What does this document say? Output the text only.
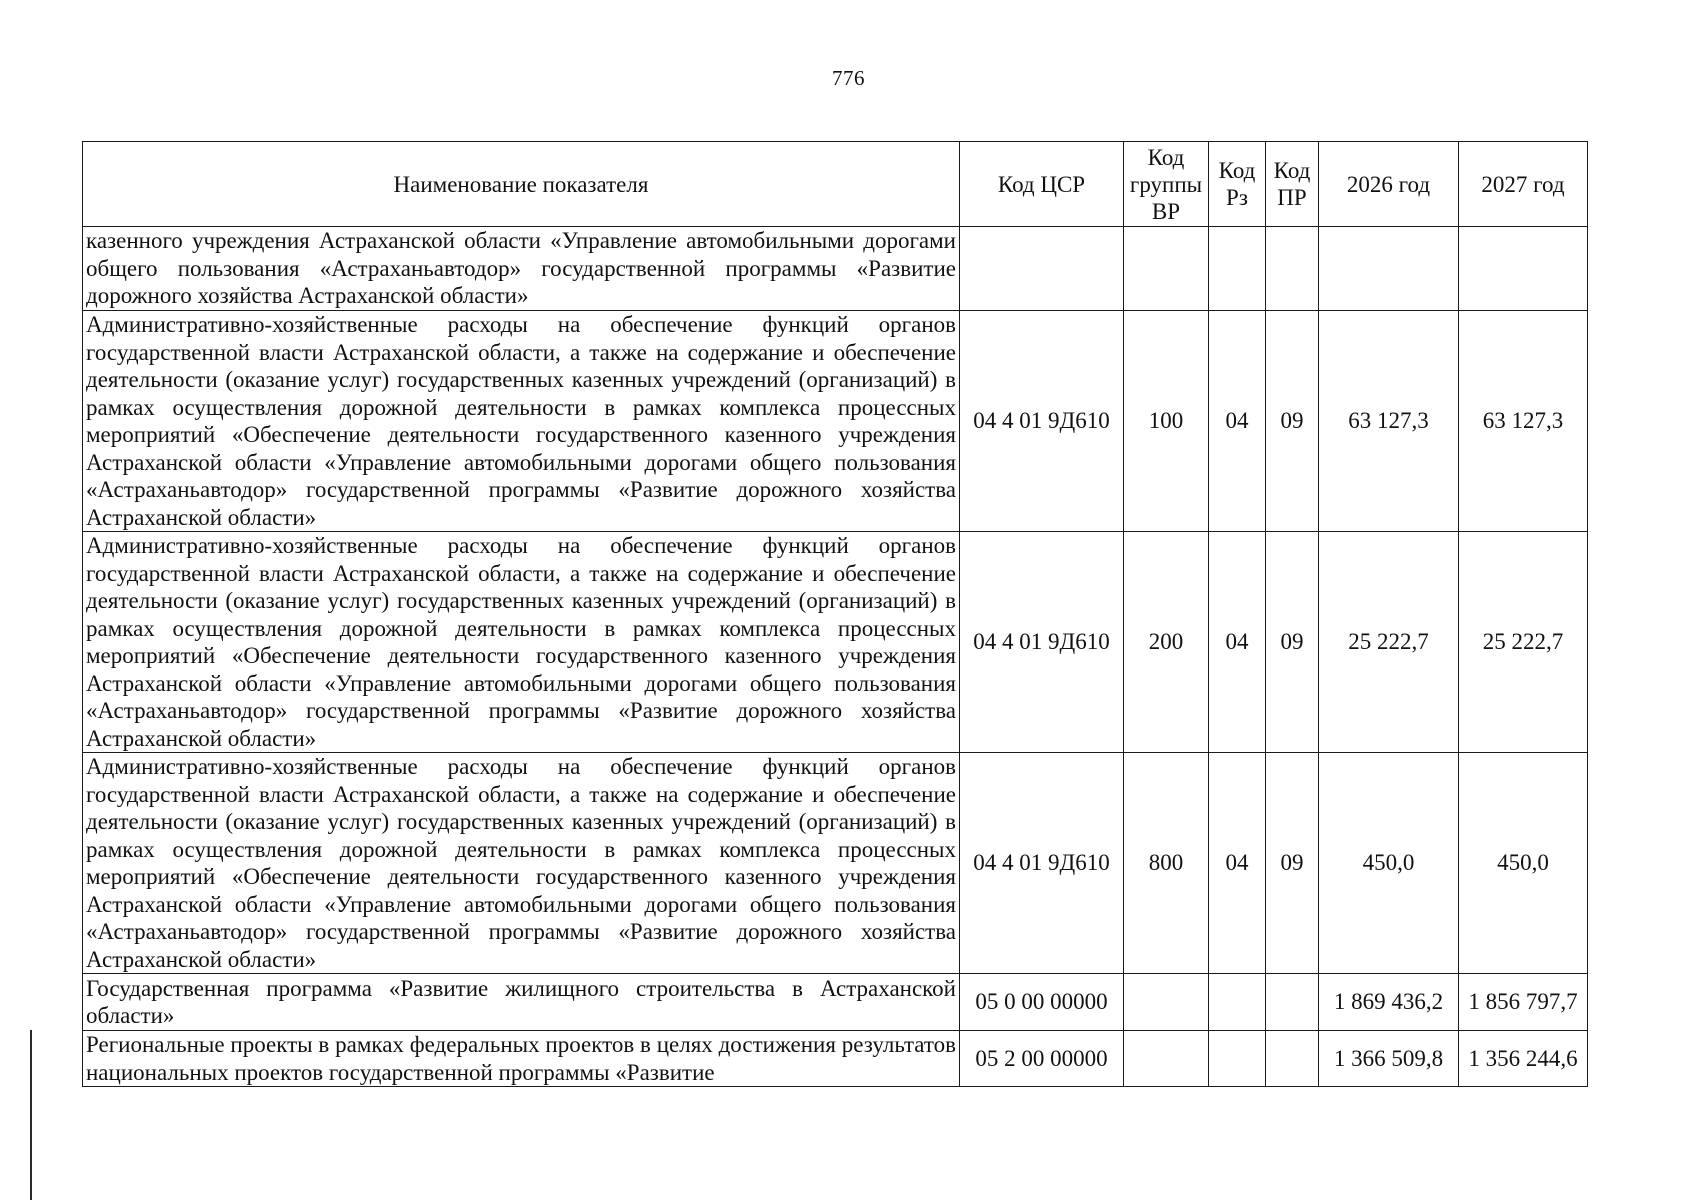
776
Наименование показателя	Код ЦСР	Код группы ВР	Код Рз	Код ПР	2026 год	2027 год
казенного учреждения Астраханской области «Управление автомобильными дорогами общего пользования «Астраханьавтодор» государственной программы «Развитие дорожного хозяйства Астраханской области»						
Административно-хозяйственные расходы на обеспечение функций органов государственной власти Астраханской области, а также на содержание и обеспечение деятельности (оказание услуг) государственных казенных учреждений (организаций) в рамках осуществления дорожной деятельности в рамках комплекса процессных мероприятий «Обеспечение деятельности государственного казенного учреждения Астраханской области «Управление автомобильными дорогами общего пользования «Астраханьавтодор» государственной программы «Развитие дорожного хозяйства Астраханской области»	04 4 01 9Д610	100	04	09	63 127,3	63 127,3
Административно-хозяйственные расходы на обеспечение функций органов государственной власти Астраханской области, а также на содержание и обеспечение деятельности (оказание услуг) государственных казенных учреждений (организаций) в рамках осуществления дорожной деятельности в рамках комплекса процессных мероприятий «Обеспечение деятельности государственного казенного учреждения Астраханской области «Управление автомобильными дорогами общего пользования «Астраханьавтодор» государственной программы «Развитие дорожного хозяйства Астраханской области»	04 4 01 9Д610	200	04	09	25 222,7	25 222,7
Административно-хозяйственные расходы на обеспечение функций органов государственной власти Астраханской области, а также на содержание и обеспечение деятельности (оказание услуг) государственных казенных учреждений (организаций) в рамках осуществления дорожной деятельности в рамках комплекса процессных мероприятий «Обеспечение деятельности государственного казенного учреждения Астраханской области «Управление автомобильными дорогами общего пользования «Астраханьавтодор» государственной программы «Развитие дорожного хозяйства Астраханской области»	04 4 01 9Д610	800	04	09	450,0	450,0
Государственная программа «Развитие жилищного строительства в Астраханской области»	05 0 00 00000				1 869 436,2	1 856 797,7
Региональные проекты в рамках федеральных проектов в целях достижения результатов национальных проектов государственной программы «Развитие	05 2 00 00000				1 366 509,8	1 356 244,6
